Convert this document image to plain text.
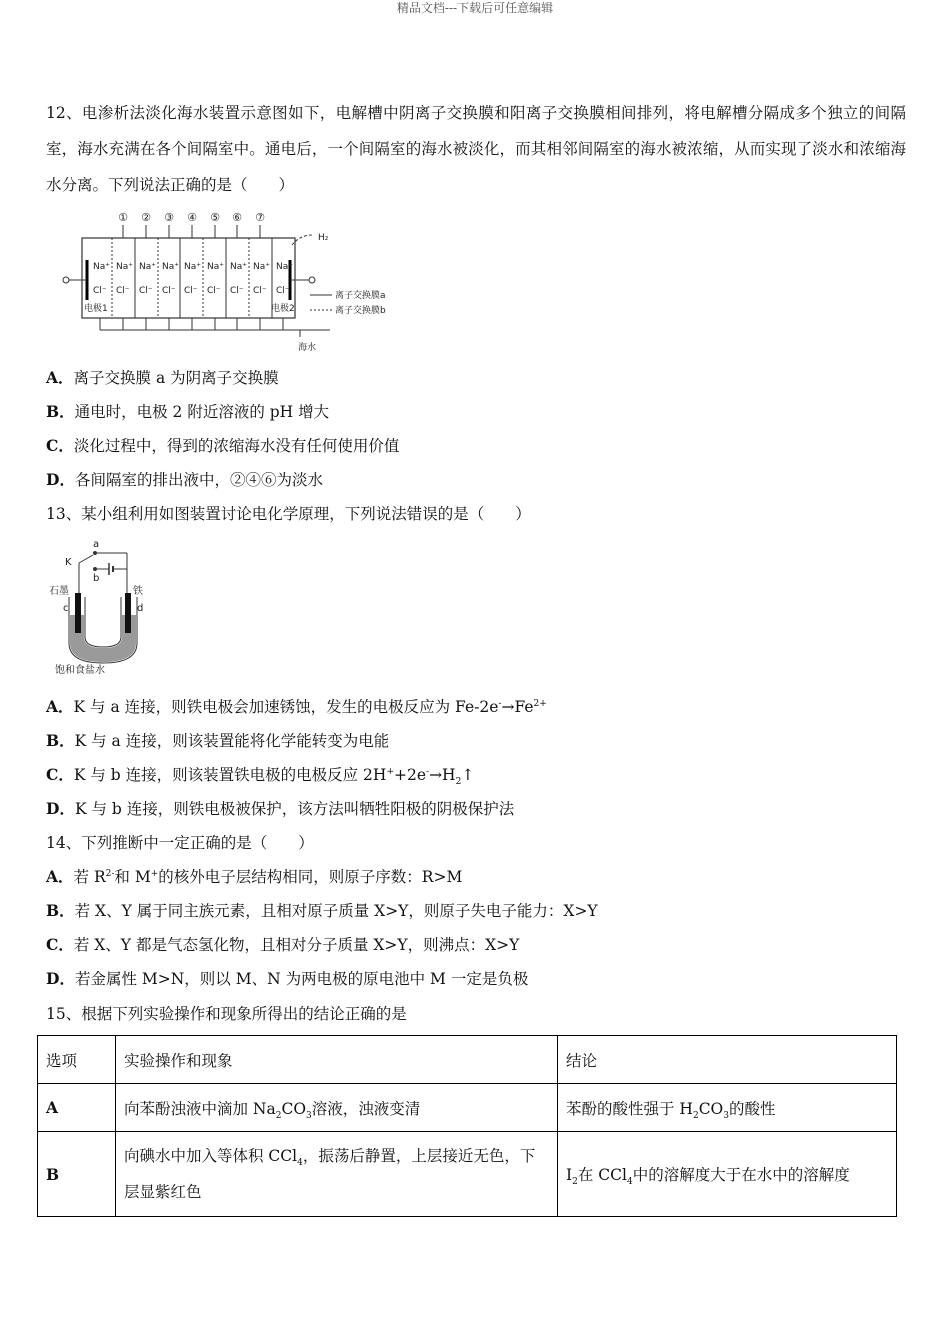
精品文档---下载后可任意编辑
12、电渗析法淡化海水装置示意图如下，电解槽中阴离子交换膜和阳离子交换膜相间排列，将电解槽分隔成多个独立的间隔室，海水充满在各个间隔室中。通电后，一个间隔室的海水被淡化，而其相邻间隔室的海水被浓缩，从而实现了淡水和浓缩海水分离。下列说法正确的是（　　）
① ② ③ ④ ⑤ ⑥ ⑦
Na⁺
Cl⁻
Na⁺
Cl⁻
Na⁺
Cl⁻
Na⁺
Cl⁻
Na⁺
Cl⁻
Na⁺
Cl⁻
Na⁺
Cl⁻
Na⁺
Cl⁻
Na⁺
Cl⁻
电极1	电极2
H₂
离子交换膜a
离子交换膜b
海水
A．离子交换膜 a 为阴离子交换膜
B．通电时，电极 2 附近溶液的 pH 增大
C．淡化过程中，得到的浓缩海水没有任何使用价值
D．各间隔室的排出液中，②④⑥为淡水
13、某小组利用如图装置讨论电化学原理，下列说法错误的是（　　）
a
K
b
石墨	铁
c	d
饱和食盐水
A．K 与 a 连接，则铁电极会加速锈蚀，发生的电极反应为 $Fe-2e^-\to Fe^{2+}$
B．K 与 a 连接，则该装置能将化学能转变为电能
C．K 与 b 连接，则该装置铁电极的电极反应 $2H^++2e^-\to H_2↑$
D．K 与 b 连接，则铁电极被保护，该方法叫牺牲阳极的阴极保护法
14、下列推断中一定正确的是（　　）
A．若 $R^{2-}$和 M+的核外电子层结构相同，则原子序数：R>M
B．若 X、Y 属于同主族元素，且相对原子质量 X>Y，则原子失电子能力：X>Y
C．若 X、Y 都是气态氢化物，且相对分子质量 X>Y，则沸点：X>Y
D．若金属性 M>N，则以 M、N 为两电极的原电池中 M 一定是负极
15、根据下列实验操作和现象所得出的结论正确的是
选项	实验操作和现象	结论
A	向苯酚浊液中滴加 $Na_2CO_3$溶液，浊液变清	苯酚的酸性强于 $H_2CO_3$的酸性
B	向碘水中加入等体积 CCl$_4$，振荡后静置，上层接近无色，下层显紫红色	$I_2$在 CCl$_4$中的溶解度大于在水中的溶解度
